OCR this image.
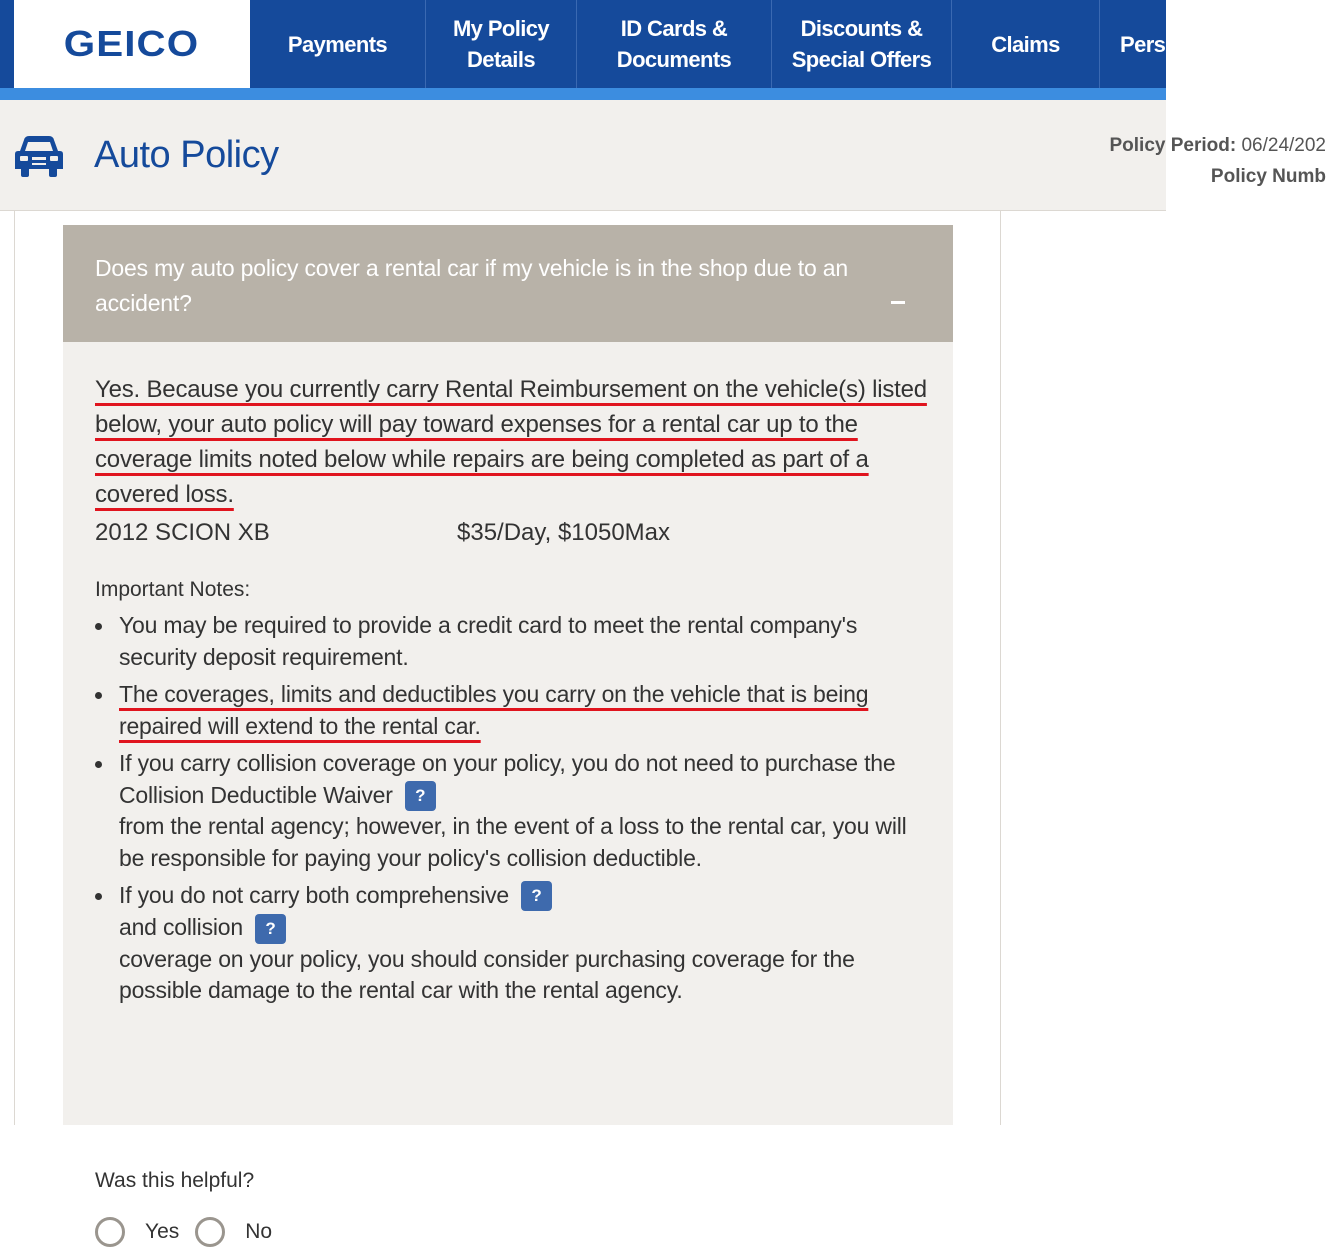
GEICO	Payments
My Policy Details
ID Cards & Documents
Discounts & Special Offers
Claims	Pers
Auto Policy	Policy Period: 06/24/202
Policy Numb
Does my auto policy cover a rental car if my vehicle is in the shop due to an accident?

Yes. Because you currently carry Rental Reimbursement on the vehicle(s) listed below, your auto policy will pay toward expenses for a rental car up to the coverage limits noted below while repairs are being completed as part of a covered loss.

2012 SCION XB	$35/Day, $1050Max
Important Notes:
You may be required to provide a credit card to meet the rental company's security deposit requirement.
The coverages, limits and deductibles you carry on the vehicle that is being repaired will extend to the rental car.
If you carry collision coverage on your policy, you do not need to purchase the Collision Deductible Waiver ?
from the rental agency; however, in the event of a loss to the rental car, you will be responsible for paying your policy's collision deductible.
If you do not carry both comprehensive ?
and collision ?
coverage on your policy, you should consider purchasing coverage for the possible damage to the rental car with the rental agency.
Was this helpful?
Yes	No
